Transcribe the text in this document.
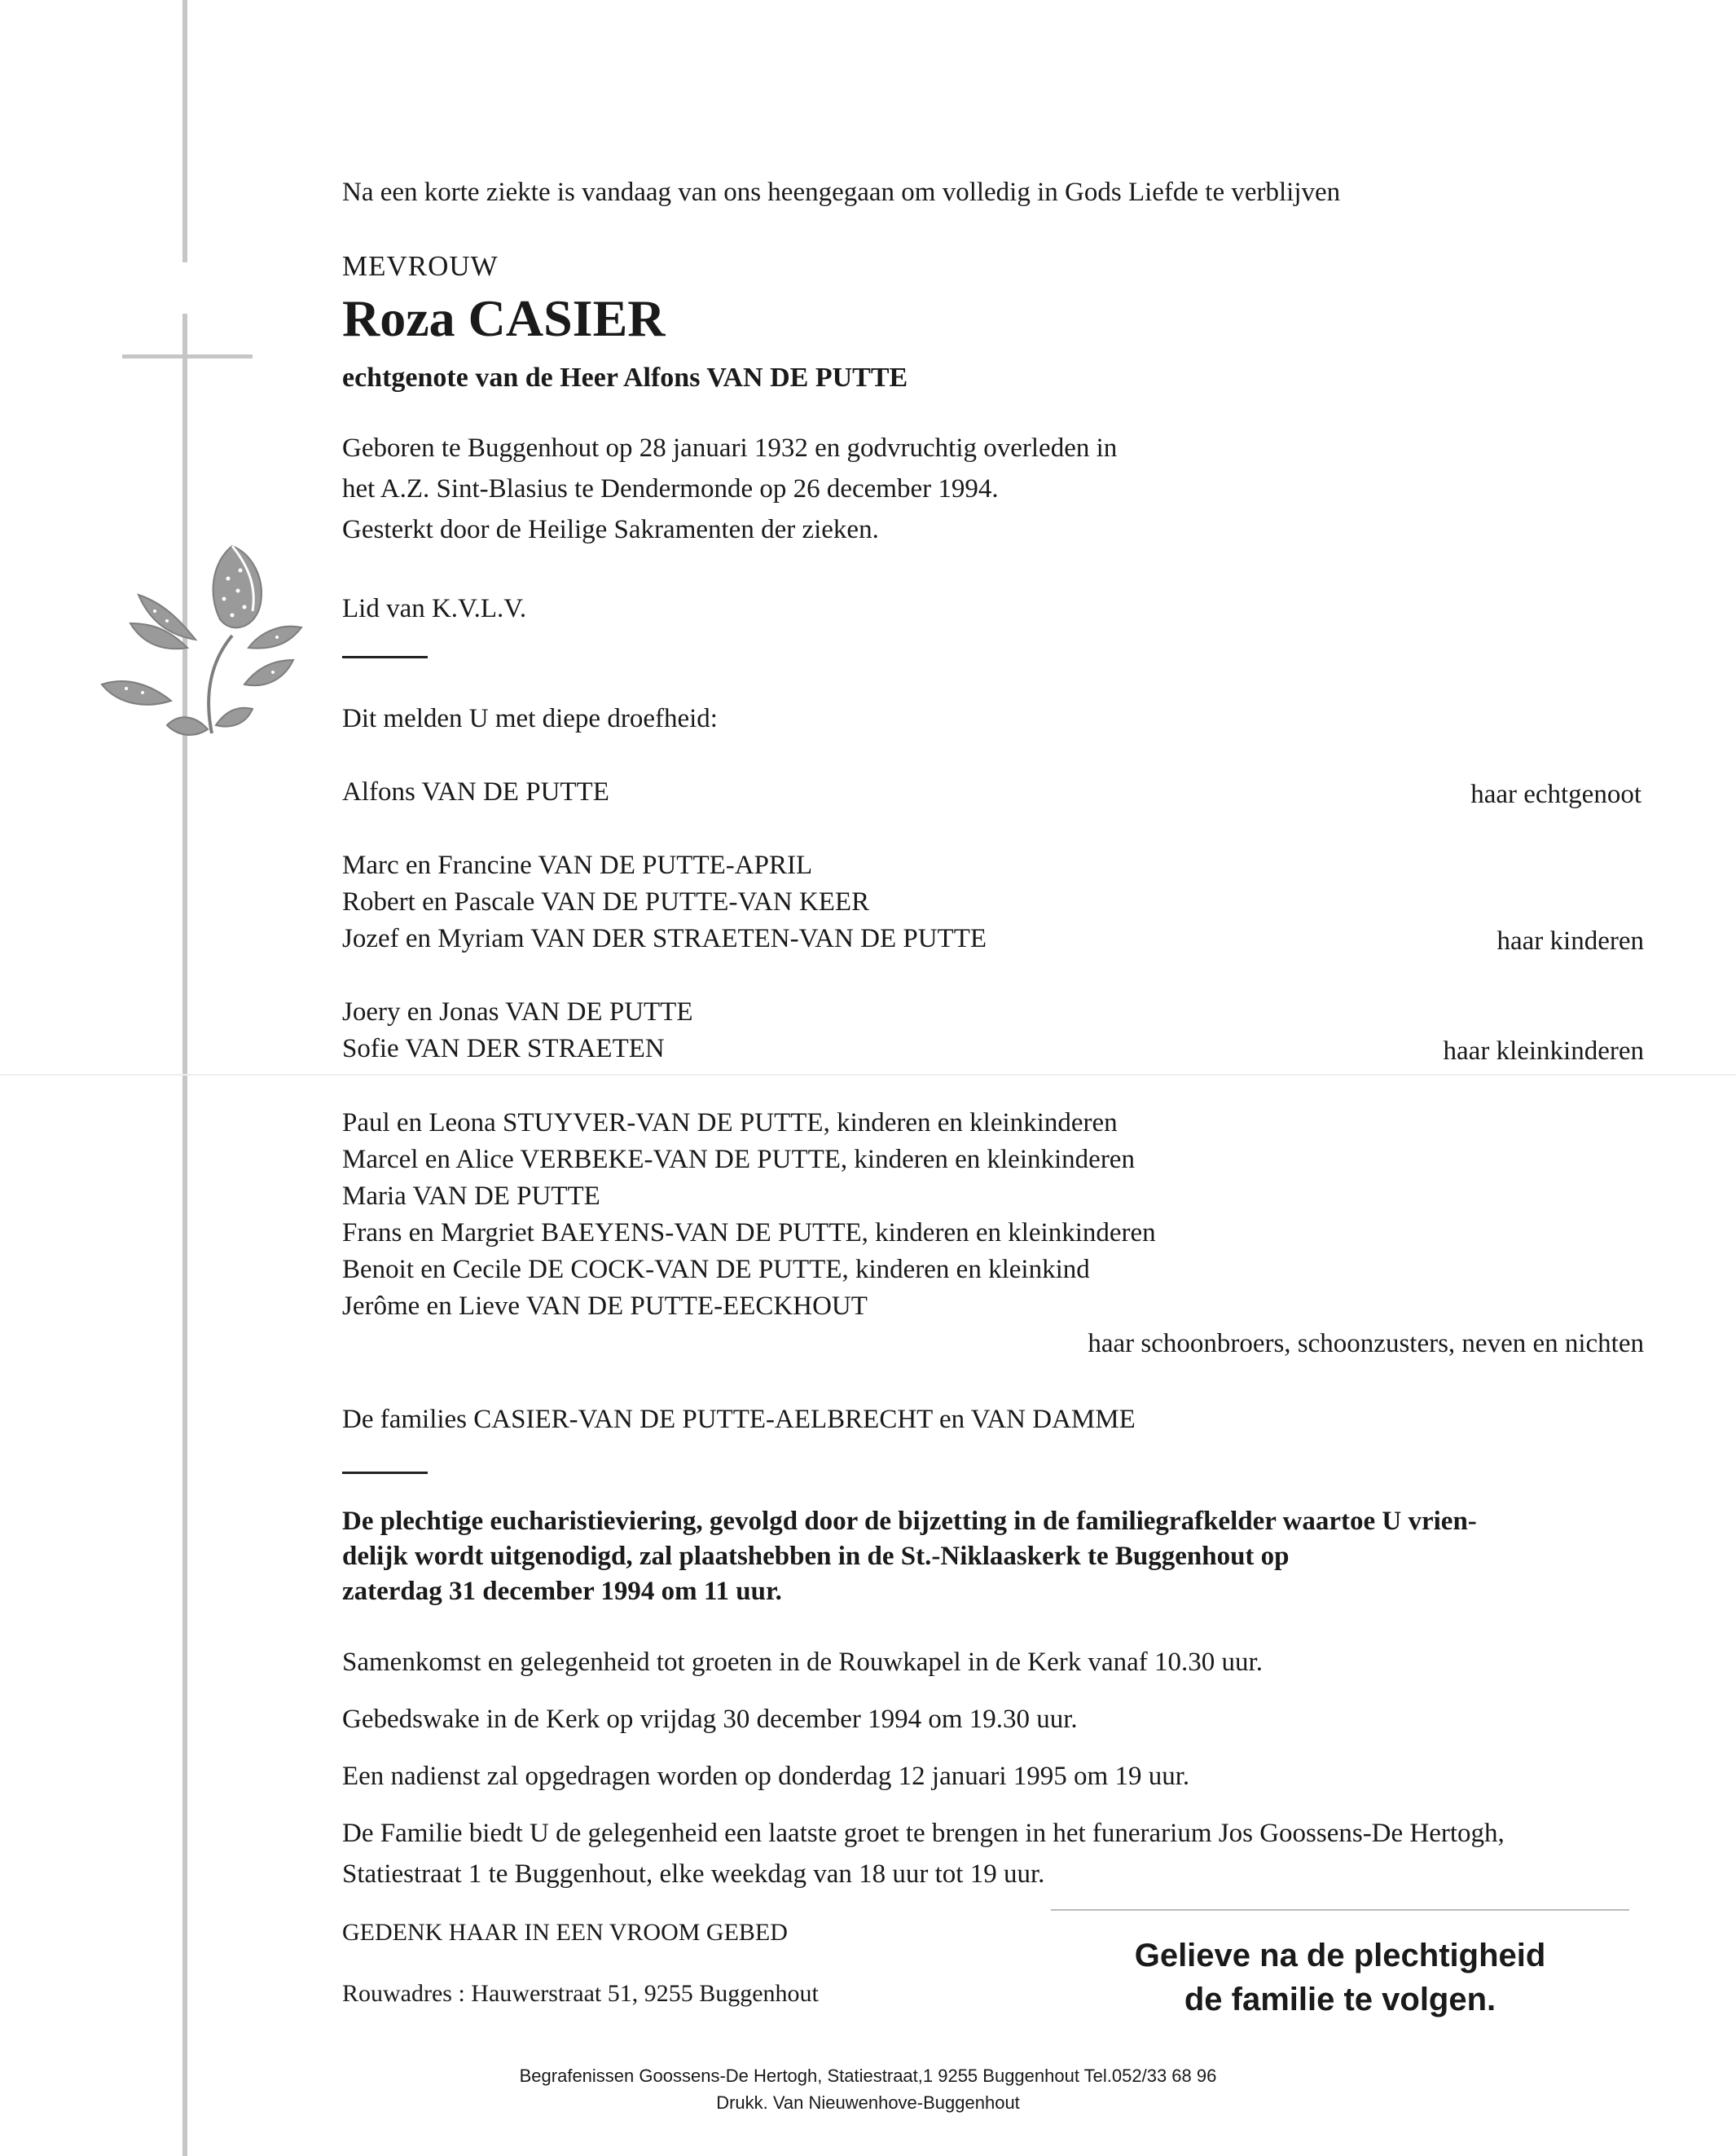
Na een korte ziekte is vandaag van ons heengegaan om volledig in Gods Liefde te verblijven
MEVROUW
Roza CASIER
echtgenote van de Heer Alfons VAN DE PUTTE
Geboren te Buggenhout op 28 januari 1932 en godvruchtig overleden in
het A.Z. Sint-Blasius te Dendermonde op 26 december 1994.
Gesterkt door de Heilige Sakramenten der zieken.
Lid van K.V.L.V.
Dit melden U met diepe droefheid:
Alfons VAN DE PUTTE	haar echtgenoot
Marc en Francine VAN DE PUTTE-APRIL
Robert en Pascale VAN DE PUTTE-VAN KEER
Jozef en Myriam VAN DER STRAETEN-VAN DE PUTTE	haar kinderen
Joery en Jonas VAN DE PUTTE
Sofie VAN DER STRAETEN	haar kleinkinderen
Paul en Leona STUYVER-VAN DE PUTTE, kinderen en kleinkinderen
Marcel en Alice VERBEKE-VAN DE PUTTE, kinderen en kleinkinderen
Maria VAN DE PUTTE
Frans en Margriet BAEYENS-VAN DE PUTTE, kinderen en kleinkinderen
Benoit en Cecile DE COCK-VAN DE PUTTE, kinderen en kleinkind
Jerôme en Lieve VAN DE PUTTE-EECKHOUT
haar schoonbroers, schoonzusters, neven en nichten
De families CASIER-VAN DE PUTTE-AELBRECHT en VAN DAMME
De plechtige eucharistieviering, gevolgd door de bijzetting in de familiegrafkelder waartoe U vrien-
delijk wordt uitgenodigd, zal plaatshebben in de St.-Niklaaskerk te Buggenhout op
zaterdag 31 december 1994 om 11 uur.
Samenkomst en gelegenheid tot groeten in de Rouwkapel in de Kerk vanaf 10.30 uur.
Gebedswake in de Kerk op vrijdag 30 december 1994 om 19.30 uur.
Een nadienst zal opgedragen worden op donderdag 12 januari 1995 om 19 uur.
De Familie biedt U de gelegenheid een laatste groet te brengen in het funerarium Jos Goossens-De Hertogh,
Statiestraat 1 te Buggenhout, elke weekdag van 18 uur tot 19 uur.
GEDENK HAAR IN EEN VROOM GEBED
Rouwadres : Hauwerstraat 51, 9255 Buggenhout
Gelieve na de plechtigheid
de familie te volgen.
Begrafenissen Goossens-De Hertogh, Statiestraat,1 9255 Buggenhout Tel.052/33 68 96
Drukk. Van Nieuwenhove-Buggenhout
